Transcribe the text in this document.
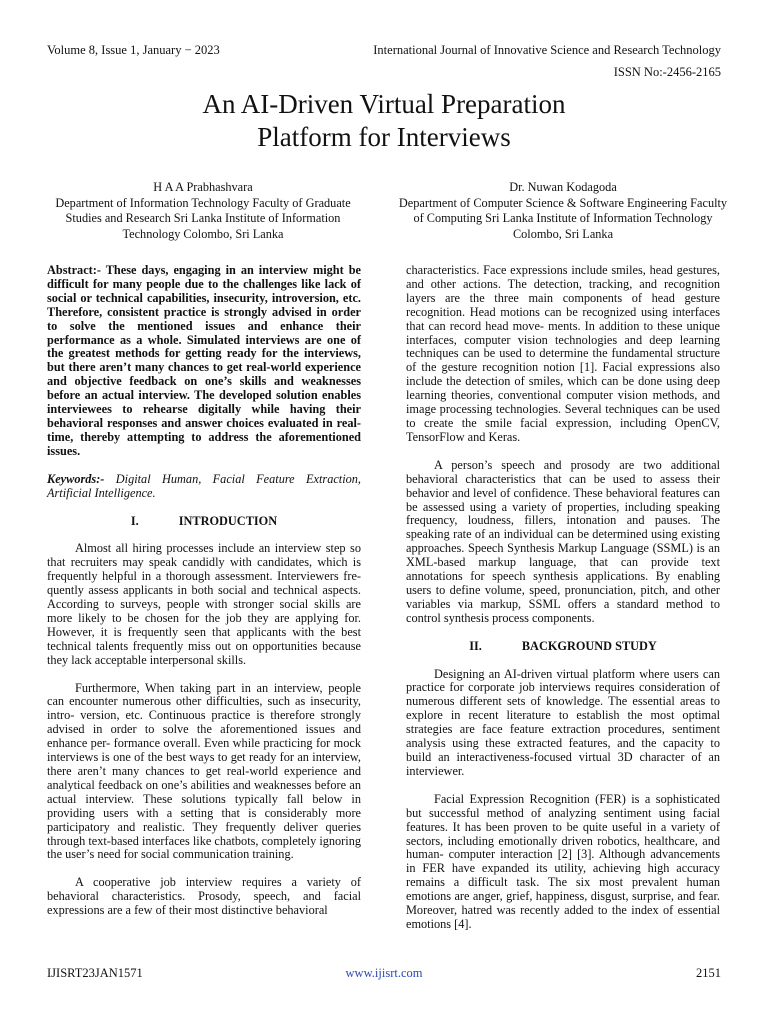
Volume 8, Issue 1, January − 2023	International Journal of Innovative Science and Research Technology
ISSN No:-2456-2165
An AI-Driven Virtual Preparation
Platform for Interviews
H A A Prabhashvara
Department of Information Technology Faculty of Graduate Studies and Research Sri Lanka Institute of Information Technology Colombo, Sri Lanka
Dr. Nuwan Kodagoda
Department of Computer Science & Software Engineering Faculty of Computing Sri Lanka Institute of Information Technology Colombo, Sri Lanka

Abstract:- These days, engaging in an interview might be difficult for many people due to the challenges like lack of social or technical capabilities, insecurity, introversion, etc. Therefore, consistent practice is strongly advised in order to solve the mentioned issues and enhance their performance as a whole. Simulated interviews are one of the greatest methods for getting ready for the interviews, but there aren’t many chances to get real-world experience and objective feedback on one’s skills and weaknesses before an actual interview. The developed solution enables interviewees to rehearse digitally while having their behavioral responses and answer choices evaluated in real-time, thereby attempting to address the aforementioned issues.

Keywords:- Digital Human, Facial Feature Extraction, Artificial Intelligence.

I.	INTRODUCTION

Almost all hiring processes include an interview step so that recruiters may speak candidly with candidates, which is frequently helpful in a thorough assessment. Interviewers fre- quently assess applicants in both social and technical aspects. According to surveys, people with stronger social skills are more likely to be chosen for the job they are applying for. However, it is frequently seen that applicants with the best technical talents frequently miss out on opportunities because they lack acceptable interpersonal skills.

Furthermore, When taking part in an interview, people can encounter numerous other difficulties, such as insecurity, intro- version, etc. Continuous practice is therefore strongly advised in order to solve the aforementioned issues and enhance per- formance overall. Even while practicing for mock interviews is one of the best ways to get ready for an interview, there aren’t many chances to get real-world experience and analytical feedback on one’s abilities and weaknesses before an actual interview. These solutions typically fall below in providing users with a setting that is considerably more participatory and realistic. They frequently deliver queries through text-based interfaces like chatbots, completely ignoring the user’s need for social communication training.

A cooperative job interview requires a variety of behavioral characteristics. Prosody, speech, and facial expressions are a few of their most distinctive behavioral

characteristics. Face expressions include smiles, head gestures, and other actions. The detection, tracking, and recognition layers are the three main components of head gesture recognition. Head motions can be recognized using interfaces that can record head move- ments. In addition to these unique interfaces, computer vision technologies and deep learning techniques can be used to determine the fundamental structure of the gesture recognition notion [1]. Facial expressions also include the detection of smiles, which can be done using deep learning theories, conventional computer vision methods, and image processing technologies. Several techniques can be used to create the smile facial expression, including OpenCV, TensorFlow and Keras.

A person’s speech and prosody are two additional behavioral characteristics that can be used to assess their behavior and level of confidence. These behavioral features can be assessed using a variety of properties, including speaking frequency, loudness, fillers, intonation and pauses. The speaking rate of an individual can be determined using existing approaches. Speech Synthesis Markup Language (SSML) is an XML-based markup language, that can provide text annotations for speech synthesis applications. By enabling users to define volume, speed, pronunciation, pitch, and other variables via markup, SSML offers a standard method to control synthesis process components.

II.	BACKGROUND STUDY

Designing an AI-driven virtual platform where users can practice for corporate job interviews requires consideration of numerous different sets of knowledge. The essential areas to explore in recent literature to establish the most optimal strategies are face feature extraction procedures, sentiment analysis using these extracted features, and the capacity to build an interactiveness-focused virtual 3D character of an interviewer.

Facial Expression Recognition (FER) is a sophisticated but successful method of analyzing sentiment using facial features. It has been proven to be quite useful in a variety of sectors, including emotionally driven robotics, healthcare, and human- computer interaction [2] [3]. Although advancements in FER have expanded its utility, achieving high accuracy remains a difficult task. The six most prevalent human emotions are anger, grief, happiness, disgust, surprise, and fear. Moreover, hatred was recently added to the index of essential emotions [4].

IJISRT23JAN1571	www.ijisrt.com	2151
